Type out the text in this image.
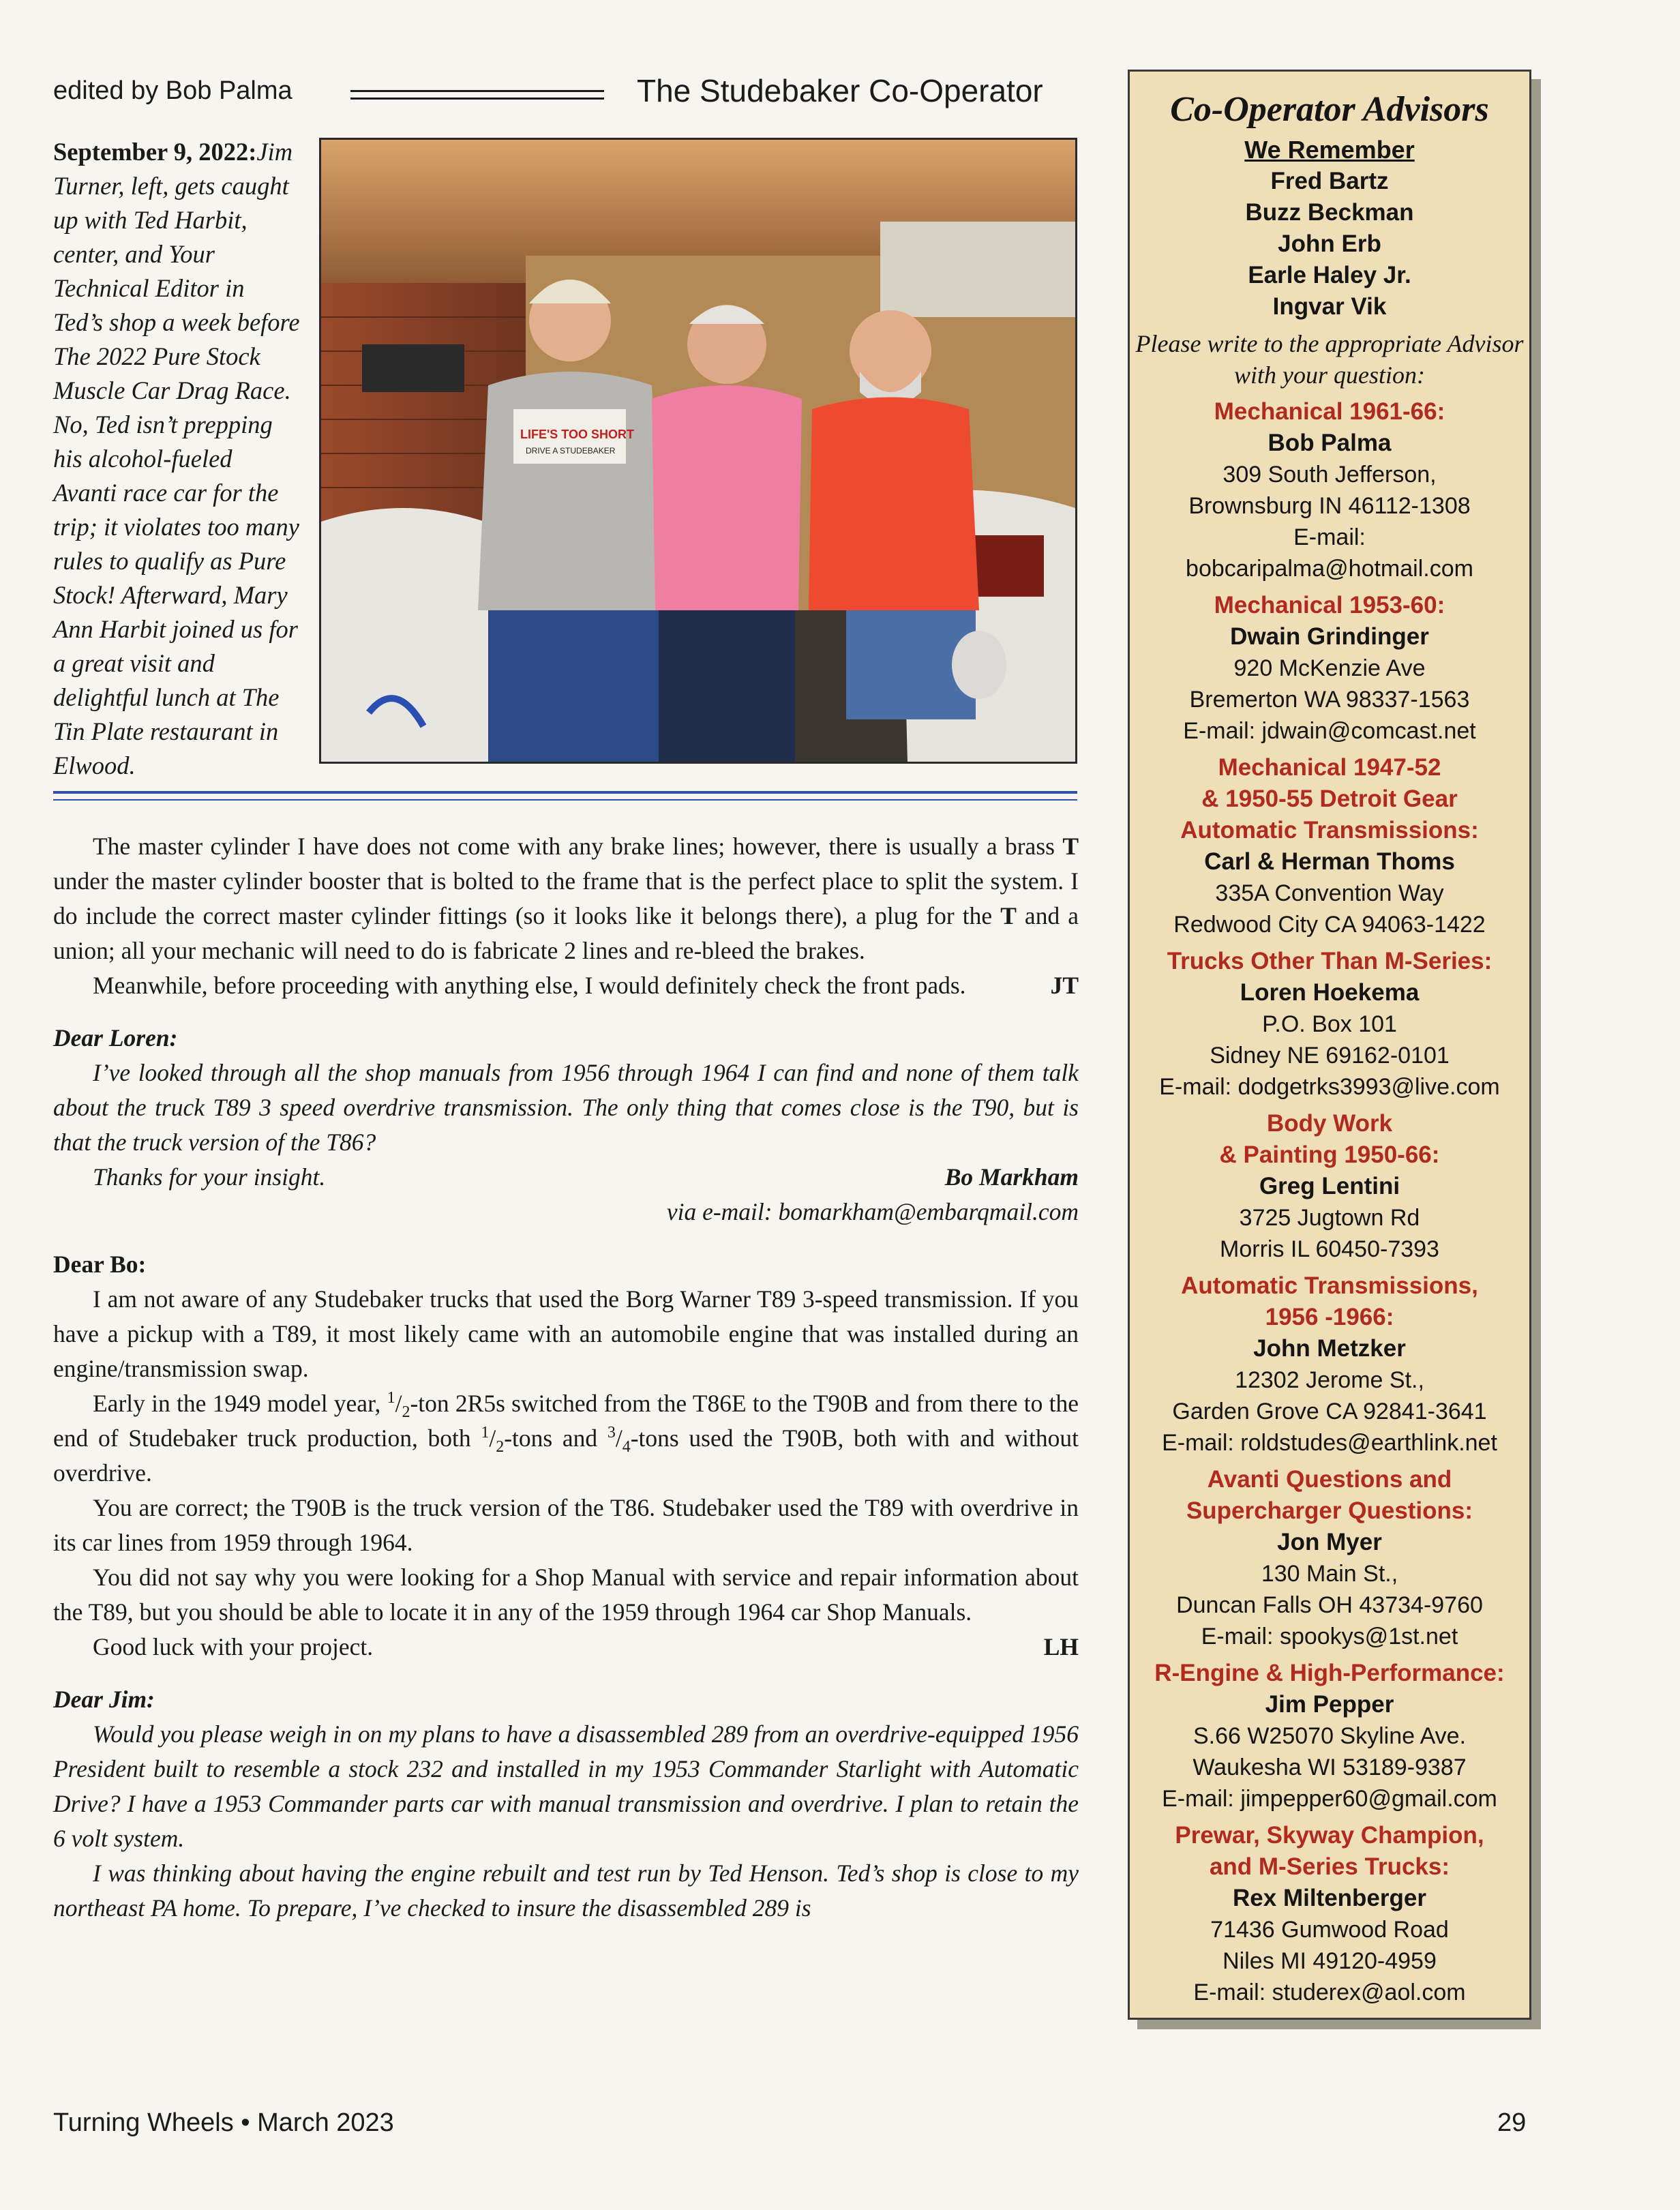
edited by Bob Palma	The Studebaker Co-Operator
September 9, 2022:Jim Turner, left, gets caught up with Ted Harbit, center, and Your Technical Editor in Ted’s shop a week before The 2022 Pure Stock Muscle Car Drag Race. No, Ted isn’t prepping his alcohol-fueled Avanti race car for the trip; it violates too many rules to qualify as Pure Stock! Afterward, Mary Ann Harbit joined us for a great visit and delightful lunch at The Tin Plate restaurant in Elwood.
LIFE'S TOO SHORT
DRIVE A STUDEBAKER

The master cylinder I have does not come with any brake lines; however, there is usually a brass T under the master cylinder booster that is bolted to the frame that is the perfect place to split the system. I do include the correct master cylinder fittings (so it looks like it belongs there), a plug for the T and a union; all your mechanic will need to do is fabricate 2 lines and re-bleed the brakes.

Meanwhile, before proceeding with anything else, I would definitely check the front pads.	JT

Dear Loren:

I’ve looked through all the shop manuals from 1956 through 1964 I can find and none of them talk about the truck T89 3 speed overdrive transmission. The only thing that comes close is the T90, but is that the truck version of the T86?

Thanks for your insight.	Bo Markham

via e-mail: bomarkham@embarqmail.com

Dear Bo:

I am not aware of any Studebaker trucks that used the Borg Warner T89 3-speed transmission. If you have a pickup with a T89, it most likely came with an automobile engine that was installed during an engine/transmission swap.

Early in the 1949 model year, $^1/_2$-ton 2R5s switched from the T86E to the T90B and from there to the end of Studebaker truck production, both $^1/_2$-tons and $^3/_4$-tons used the T90B, both with and without overdrive.

You are correct; the T90B is the truck version of the T86. Studebaker used the T89 with overdrive in its car lines from 1959 through 1964.

You did not say why you were looking for a Shop Manual with service and repair information about the T89, but you should be able to locate it in any of the 1959 through 1964 car Shop Manuals.

Good luck with your project.	LH

Dear Jim:

Would you please weigh in on my plans to have a disassembled 289 from an overdrive-equipped 1956 President built to resemble a stock 232 and installed in my 1953 Commander Starlight with Automatic Drive? I have a 1953 Commander parts car with manual transmission and overdrive. I plan to retain the 6 volt system.

I was thinking about having the engine rebuilt and test run by Ted Henson. Ted’s shop is close to my northeast PA home. To prepare, I’ve checked to insure the disassembled 289 is

Turning Wheels • March 2023	29
Co-Operator Advisors
We Remember
Fred Bartz
Buzz Beckman
John Erb
Earle Haley Jr.
Ingvar Vik
Please write to the appropriate Advisor with your question:
Mechanical 1961-66:
Bob Palma
309 South Jefferson,
Brownsburg IN 46112-1308
E-mail:
bobcaripalma@hotmail.com
Mechanical 1953-60:
Dwain Grindinger
920 McKenzie Ave
Bremerton WA 98337-1563
E-mail: jdwain@comcast.net
Mechanical 1947-52
& 1950-55 Detroit Gear
Automatic Transmissions:
Carl & Herman Thoms
335A Convention Way
Redwood City CA 94063-1422
Trucks Other Than M-Series:
Loren Hoekema
P.O. Box 101
Sidney NE 69162-0101
E-mail: dodgetrks3993@live.com
Body Work
& Painting 1950-66:
Greg Lentini
3725 Jugtown Rd
Morris IL 60450-7393
Automatic Transmissions,
1956 -1966:
John Metzker
12302 Jerome St.,
Garden Grove CA 92841-3641
E-mail: roldstudes@earthlink.net
Avanti Questions and
Supercharger Questions:
Jon Myer
130 Main St.,
Duncan Falls OH 43734-9760
E-mail: spookys@1st.net
R-Engine & High-Performance:
Jim Pepper
S.66 W25070 Skyline Ave.
Waukesha WI 53189-9387
E-mail: jimpepper60@gmail.com
Prewar, Skyway Champion,
and M-Series Trucks:
Rex Miltenberger
71436 Gumwood Road
Niles MI 49120-4959
E-mail: studerex@aol.com
